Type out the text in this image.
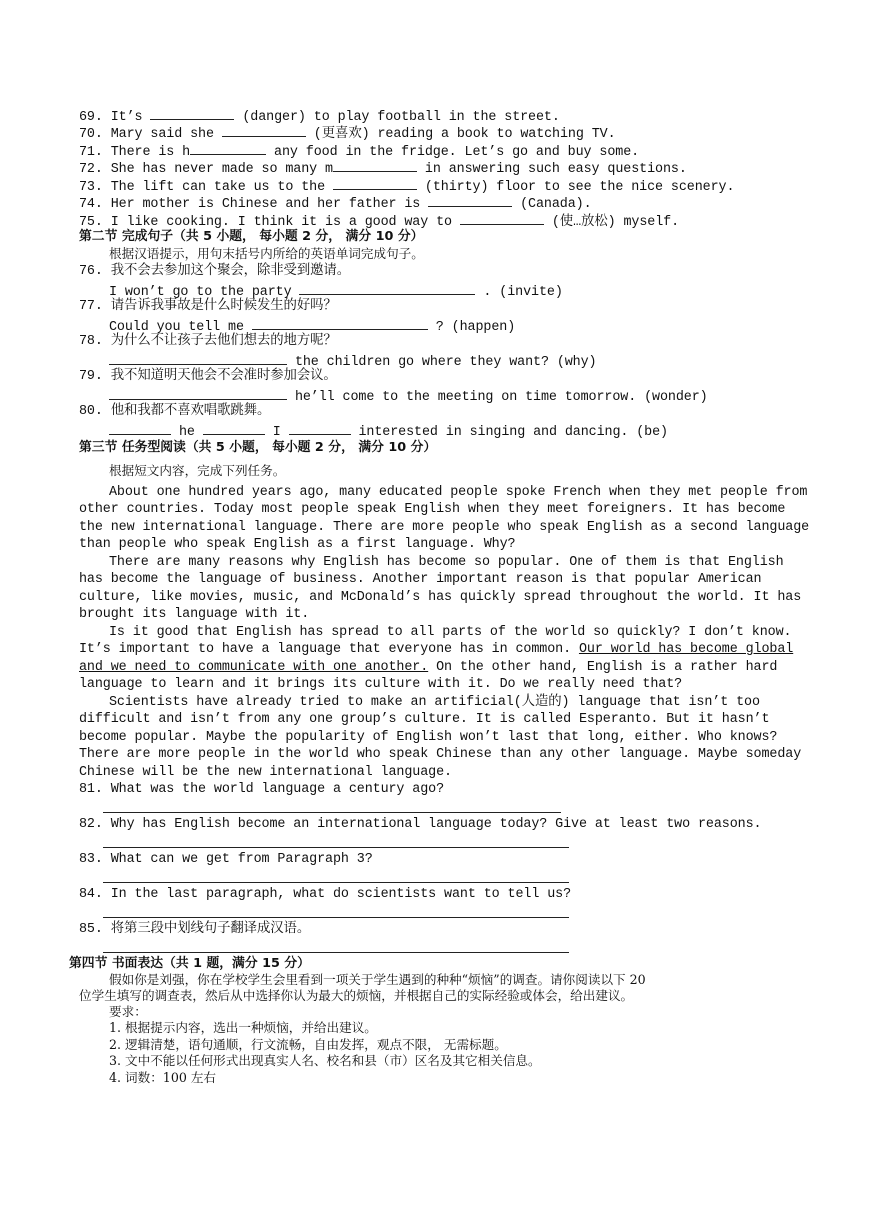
69. It’s	(danger) to play football in the street.
70. Mary said she	(更喜欢) reading a book to watching TV.
71. There is h	any food in the fridge. Let’s go and buy some.
72. She has never made so many m	in answering such easy questions.
73. The lift can take us to the	(thirty) floor to see the nice scenery.
74. Her mother is Chinese and her father is	(Canada).
75. I like cooking. I think it is a good way to	(使…放松) myself.
第二节 完成句子（共 5 小题， 每小题 2 分， 满分 10 分）
根据汉语提示，用句末括号内所给的英语单词完成句子。
76. 我不会去参加这个聚会，除非受到邀请。
I won’t go to the party	. (invite)
77. 请告诉我事故是什么时候发生的好吗？
Could you tell me	? (happen)
78. 为什么不让孩子去他们想去的地方呢？
the children go where they want? (why)
79. 我不知道明天他会不会准时参加会议。
he’ll come to the meeting on time tomorrow. (wonder)
80. 他和我都不喜欢唱歌跳舞。
he	I	interested in singing and dancing. (be)
第三节 任务型阅读（共 5 小题， 每小题 2 分， 满分 10 分）
根据短文内容，完成下列任务。
About one hundred years ago, many educated people spoke French when they met people from
other countries. Today most people speak English when they meet foreigners. It has become
the new international language. There are more people who speak English as a second language
than people who speak English as a first language. Why?
There are many reasons why English has become so popular. One of them is that English
has become the language of business. Another important reason is that popular American
culture, like movies, music, and McDonald’s has quickly spread throughout the world. It has
brought its language with it.
Is it good that English has spread to all parts of the world so quickly? I don’t know.
It’s important to have a language that everyone has in common. Our world has become global
and we need to communicate with one another. On the other hand, English is a rather hard
language to learn and it brings its culture with it. Do we really need that?
Scientists have already tried to make an artificial(人造的) language that isn’t too
difficult and isn’t from any one group’s culture. It is called Esperanto. But it hasn’t
become popular. Maybe the popularity of English won’t last that long, either. Who knows?
There are more people in the world who speak Chinese than any other language. Maybe someday
Chinese will be the new international language.
81. What was the world language a century ago?
82. Why has English become an international language today? Give at least two reasons.
83. What can we get from Paragraph 3?
84. In the last paragraph, what do scientists want to tell us?
85. 将第三段中划线句子翻译成汉语。
第四节 书面表达（共 1 题，满分 15 分）
假如你是刘强，你在学校学生会里看到一项关于学生遇到的种种“烦恼”的调查。请你阅读以下 20
位学生填写的调查表，然后从中选择你认为最大的烦恼，并根据自己的实际经验或体会，给出建议。
要求：
1. 根据提示内容，选出一种烦恼，并给出建议。
2. 逻辑清楚，语句通顺，行文流畅，自由发挥，观点不限， 无需标题。
3. 文中不能以任何形式出现真实人名、校名和县（市）区名及其它相关信息。
4. 词数：100 左右
